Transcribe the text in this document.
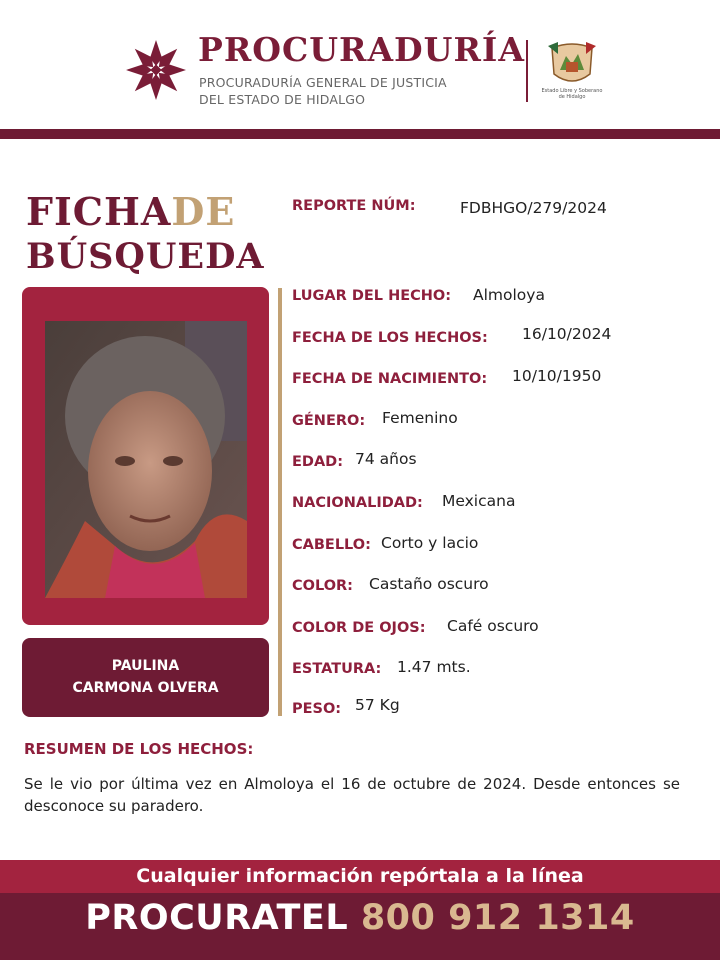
PROCURADURÍA
PROCURADURÍA GENERAL DE JUSTICIA
DEL ESTADO DE HIDALGO
Estado Libre y Soberano de Hidalgo
FICHADE
BÚSQUEDA
PAULINA
CARMONA OLVERA
REPORTE NÚM:	FDBHGO/279/2024
LUGAR DEL HECHO: Almoloya
FECHA DE LOS HECHOS: 16/10/2024
FECHA DE NACIMIENTO: 10/10/1950
GÉNERO: Femenino
EDAD: 74 años
NACIONALIDAD: Mexicana
CABELLO: Corto y lacio
COLOR: Castaño oscuro
COLOR DE OJOS: Café oscuro
ESTATURA: 1.47 mts.
PESO: 57 Kg
RESUMEN DE LOS HECHOS:
Se le vio por última vez en Almoloya el 16 de octubre de 2024. Desde entonces se desconoce su paradero.
Cualquier información repórtala a la línea
PROCURATEL 800 912 1314
